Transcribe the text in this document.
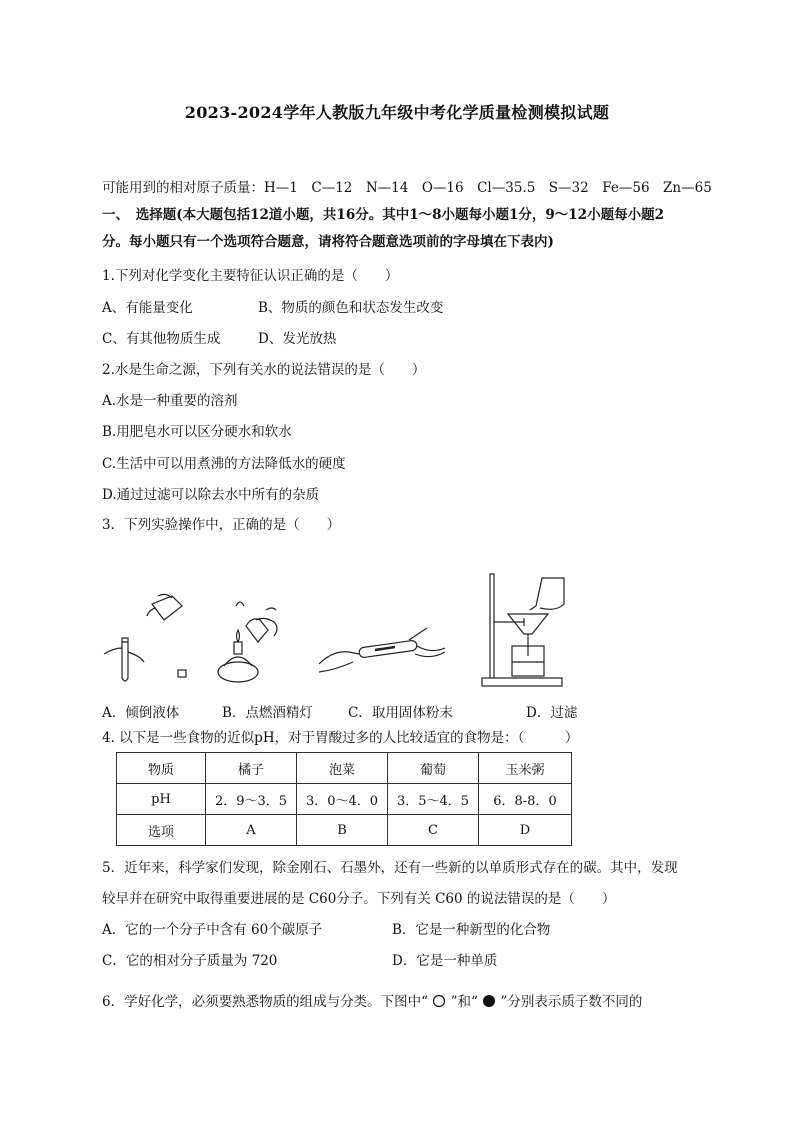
2023-2024学年人教版九年级中考化学质量检测模拟试题
可能用到的相对原子质量：H—1　C—12　N—14　O—16　Cl—35.5　S—32　Fe—56　Zn—65
一、　选择题(本大题包括12道小题，共16分。其中1～8小题每小题1分，9～12小题每小题2
分。每小题只有一个选项符合题意，请将符合题意选项前的字母填在下表内)
1.下列对化学变化主要特征认识正确的是（　　）
A、有能量变化	B、物质的颜色和状态发生改变
C、有其他物质生成	D、发光放热
2.水是生命之源，下列有关水的说法错误的是（　　）
A.水是一种重要的溶剂
B.用肥皂水可以区分硬水和软水
C.生活中可以用煮沸的方法降低水的硬度
D.通过过滤可以除去水中所有的杂质
3．下列实验操作中，正确的是（　　）
A．倾倒液体	B．点燃酒精灯	C．取用固体粉末	D．过滤
4. 以下是一些食物的近似pH，对于胃酸过多的人比较适宜的食物是：（　　　）
物质	橘子	泡菜	葡萄	玉米粥
pH	2．9～3．5	3．0～4．0	3．5～4．5	6．8-8．0
选项	A	B	C	D
5．近年来，科学家们发现，除金刚石、石墨外，还有一些新的以单质形式存在的碳。其中，发现
较早并在研究中取得重要进展的是 C60分子。下列有关 C60 的说法错误的是（　　）
A．它的一个分子中含有 60个碳原子	B．它是一种新型的化合物
C．它的相对分子质量为 720	D．它是一种单质
6．学好化学，必须要熟悉物质的组成与分类。下图中“ ”和“ ”分别表示质子数不同的
